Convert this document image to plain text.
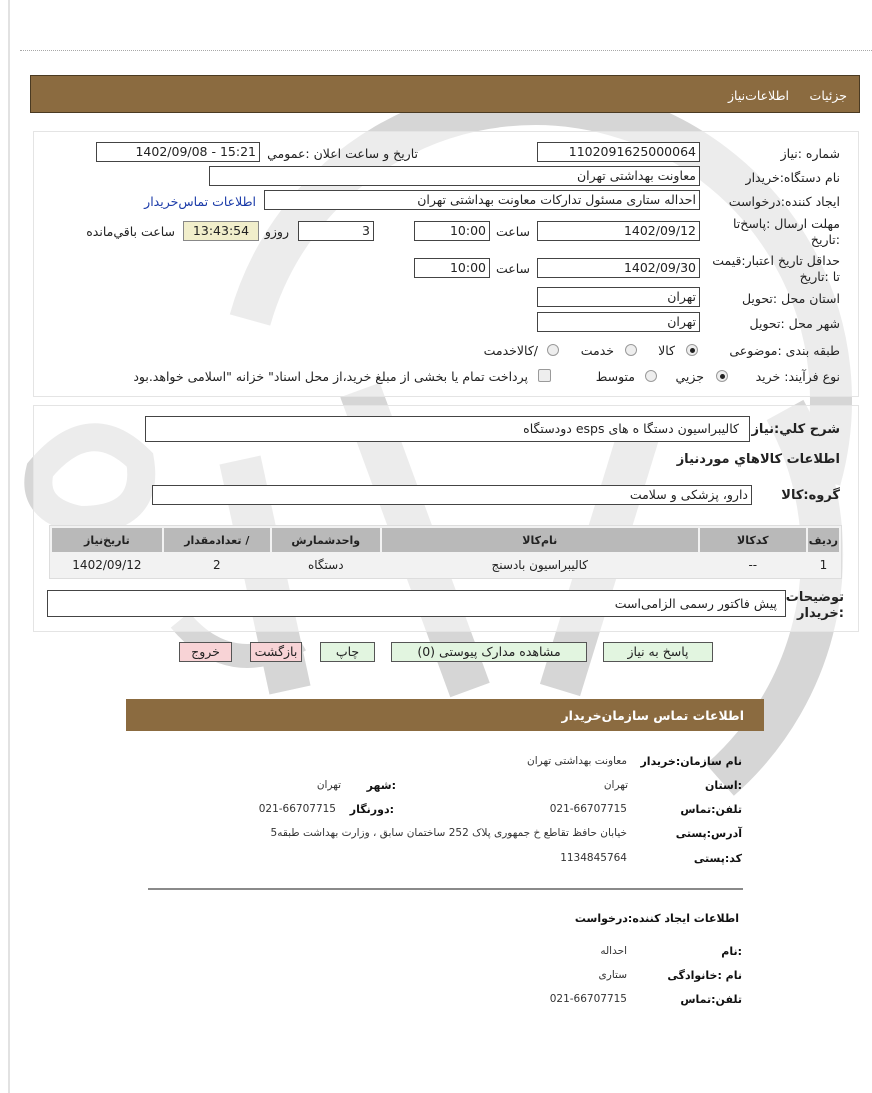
جزئیات
اطلاعات‌نیاز
شماره :نیاز
1102091625000064
تاریخ و ساعت اعلان :عمومي
1402/09/08 - 15:21
نام دستگاه:خریدار
معاونت بهداشتی تهران
ایجاد کننده:درخواست
احداله ستاری مسئول تدارکات معاونت بهداشتی تهران
اطلاعات تماس‌خریدار
مهلت ارسال :پاسخ‌تا
:تاریخ
1402/09/12
ساعت
10:00
3
روزو
13:43:54
ساعت باقي‌مانده
حداقل تاریخ اعتبار:قیمت
تا :تاریخ
1402/09/30
ساعت
10:00
استان محل :تحویل
تهران
شهر محل :تحویل
تهران
طبقه بندی :موضوعی
کالا
خدمت
/کالاخدمت
نوع فرآیند: خرید
جزيي
متوسط
پرداخت تمام یا بخشی از مبلغ خرید،از محل اسناد" خزانه "اسلامی خواهد.بود
شرح کلي:نياز
کالیبراسیون دستگا ه های esps دودستگاه
اطلاعات کالاهاي موردنياز
گروه:کالا
دارو، پزشکی و سلامت
ردیف	کدکالا	نام‌کالا	واحدشمارش	/ تعدادمقدار	تاریخ‌نیاز
1	--	کالیبراسیون بادسنج	دستگاه	2	1402/09/12
توضیحات
:خریدار
پیش فاکتور رسمی الزامی‌است
پاسخ به نیاز
مشاهده مدارک پیوستی (0)
چاپ
بازگشت
خروج
اطلاعات تماس سازمان‌خریدار
نام سازمان:خریدار
معاونت بهداشتی تهران
:استان
تهران
:شهر
تهران
تلفن:تماس
021-66707715
:دورنگار
021-66707715
آدرس:پستی
خیابان حافظ تقاطع خ جمهوری پلاک 252 ساختمان سابق ، وزارت بهداشت طبقه5
کد:پستی
1134845764
اطلاعات ایجاد کننده:درخواست
:نام
احداله
نام :خانوادگی
ستاری
تلفن:تماس
021-66707715
